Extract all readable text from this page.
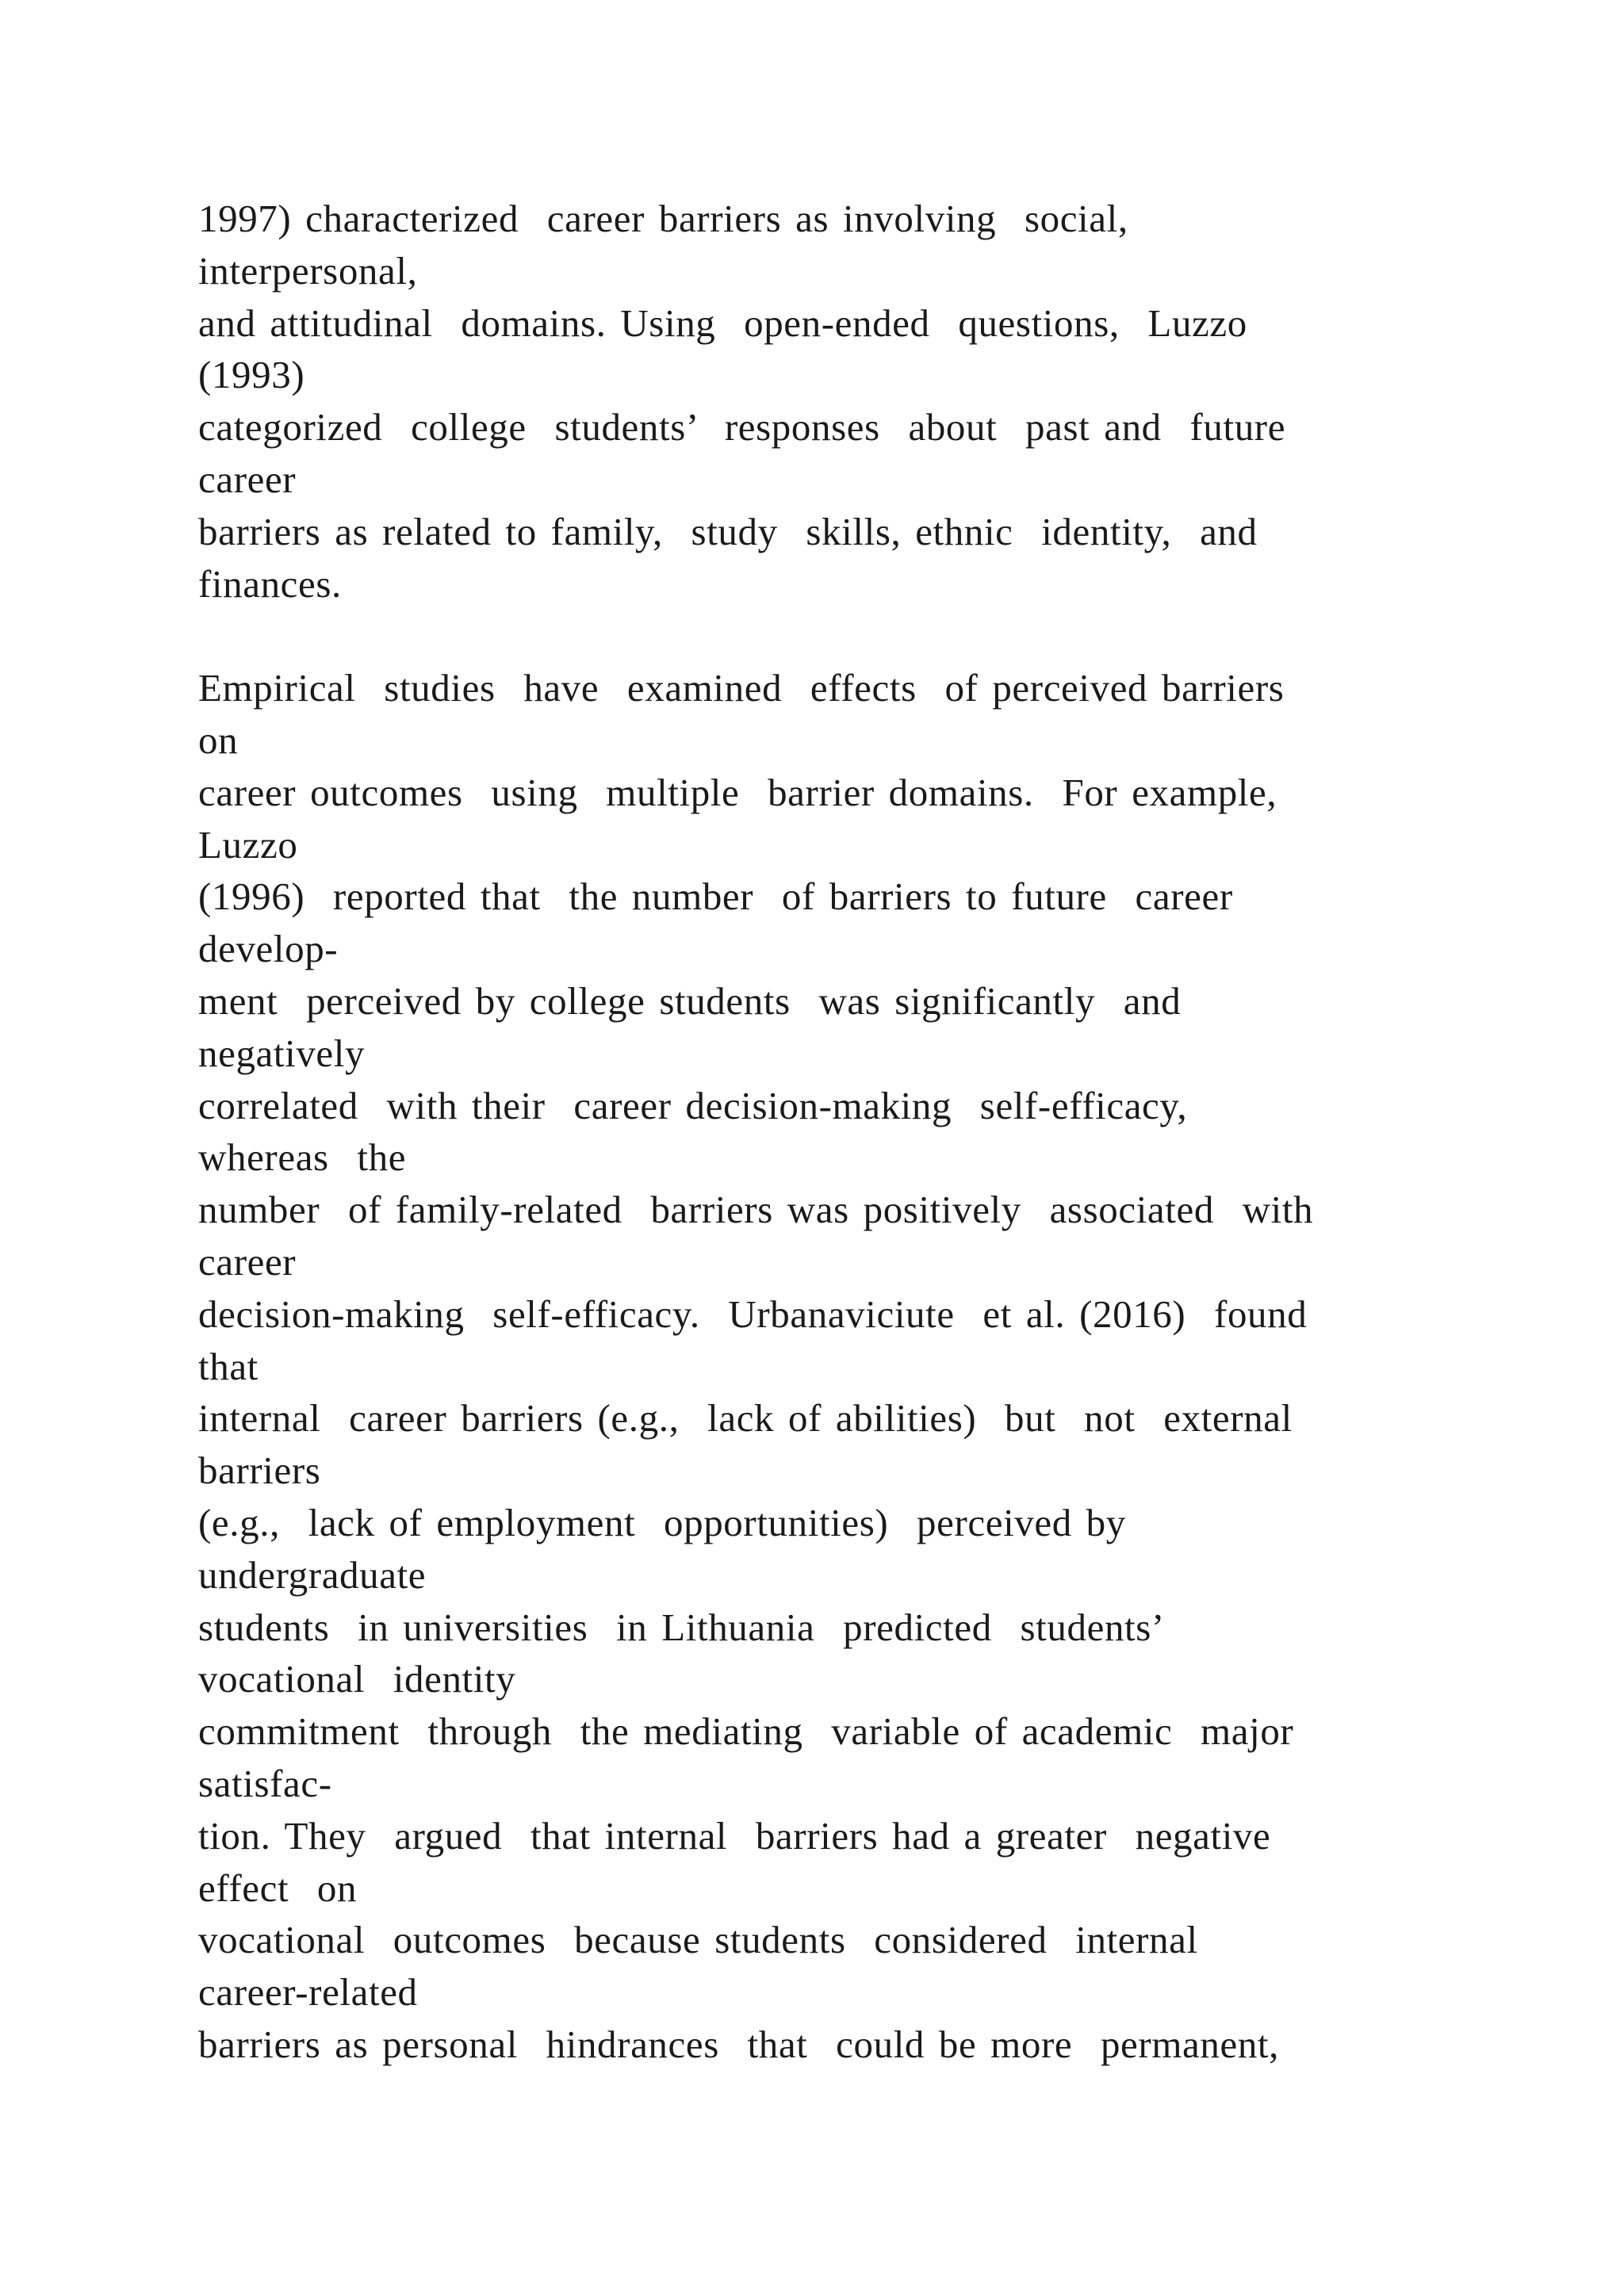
1997) characterized  career barriers as involving  social,
interpersonal,
and attitudinal  domains. Using  open-ended  questions,  Luzzo
(1993)
categorized  college  students’  responses  about  past and  future
career
barriers as related to family,  study  skills, ethnic  identity,  and
finances.
Empirical  studies  have  examined  effects  of perceived barriers
on
career outcomes  using  multiple  barrier domains.  For example,
Luzzo
(1996)  reported that  the number  of barriers to future  career
develop-
ment  perceived by college students  was significantly  and
negatively
correlated  with their  career decision-making  self-efficacy,
whereas  the
number  of family-related  barriers was positively  associated  with
career
decision-making  self-efficacy.  Urbanaviciute  et al. (2016)  found
that
internal  career barriers (e.g.,  lack of abilities)  but  not  external
barriers
(e.g.,  lack of employment  opportunities)  perceived by
undergraduate
students  in universities  in Lithuania  predicted  students’
vocational  identity
commitment  through  the mediating  variable of academic  major
satisfac-
tion. They  argued  that internal  barriers had a greater  negative
effect  on
vocational  outcomes  because students  considered  internal
career-related
barriers as personal  hindrances  that  could be more  permanent,
